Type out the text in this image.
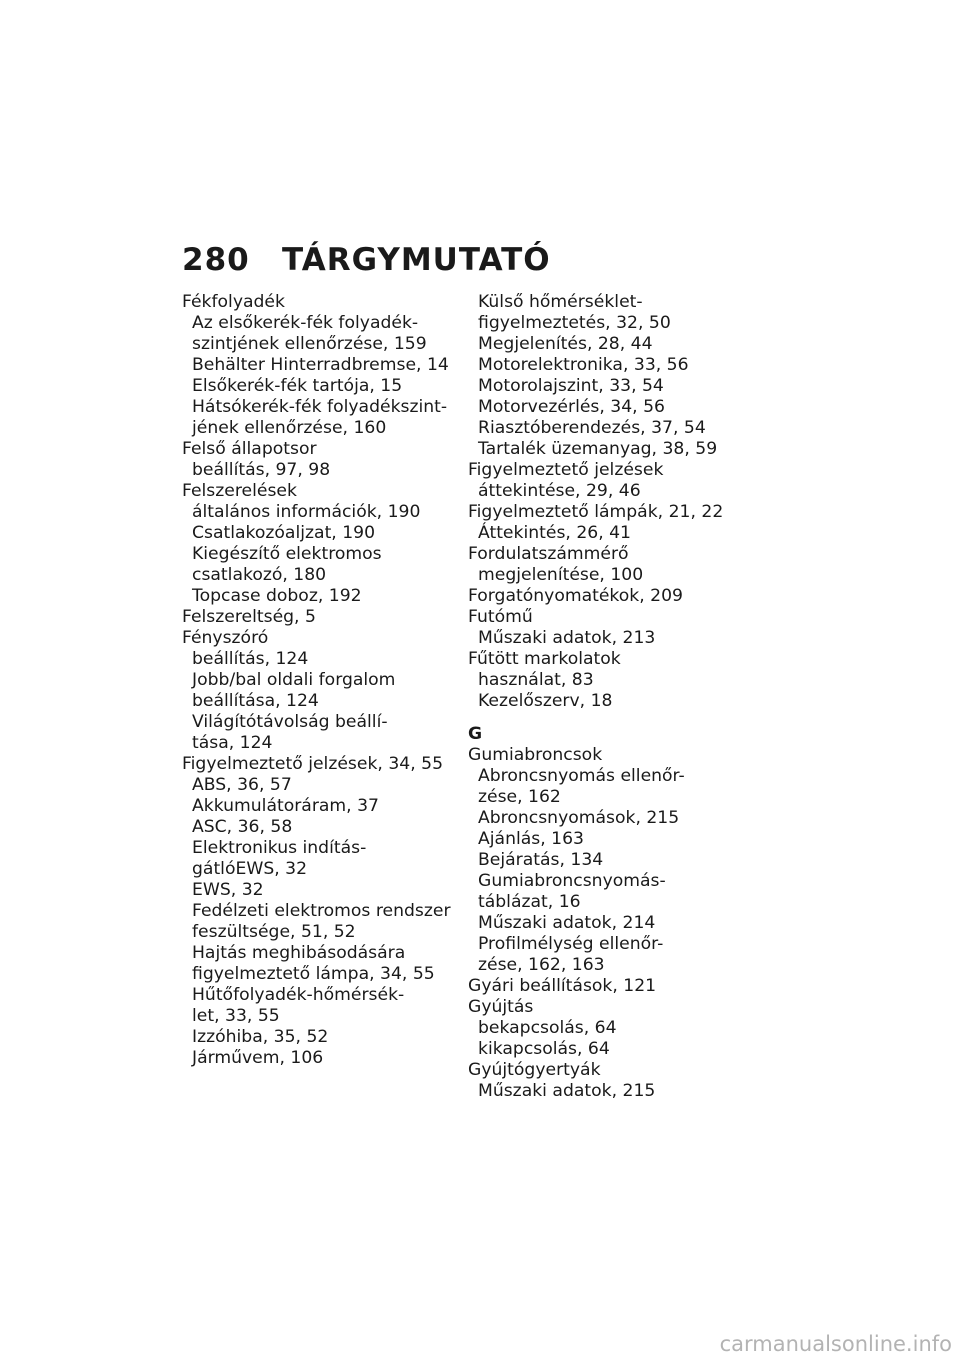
280 TÁRGYMUTATÓ
Fékfolyadék
Az elsőkerék-fék folyadék-
szintjének ellenőrzése, 159
Behälter Hinterradbremse, 14
Elsőkerék-fék tartója, 15
Hátsókerék-fék folyadékszint-
jének ellenőrzése, 160
Felső állapotsor
beállítás, 97, 98
Felszerelések
általános információk, 190
Csatlakozóaljzat, 190
Kiegészítő elektromos
csatlakozó, 180
Topcase doboz, 192
Felszereltség, 5
Fényszóró
beállítás, 124
Jobb/bal oldali forgalom
beállítása, 124
Világítótávolság beállí-
tása, 124
Figyelmeztető jelzések, 34, 55
ABS, 36, 57
Akkumulátoráram, 37
ASC, 36, 58
Elektronikus indítás-
gátlóEWS, 32
EWS, 32
Fedélzeti elektromos rendszer
feszültsége, 51, 52
Hajtás meghibásodására
figyelmeztető lámpa, 34, 55
Hűtőfolyadék-hőmérsék-
let, 33, 55
Izzóhiba, 35, 52
Járművem, 106
Külső hőmérséklet-
figyelmeztetés, 32, 50
Megjelenítés, 28, 44
Motorelektronika, 33, 56
Motorolajszint, 33, 54
Motorvezérlés, 34, 56
Riasztóberendezés, 37, 54
Tartalék üzemanyag, 38, 59
Figyelmeztető jelzések
áttekintése, 29, 46
Figyelmeztető lámpák, 21, 22
Áttekintés, 26, 41
Fordulatszámmérő
megjelenítése, 100
Forgatónyomatékok, 209
Futómű
Műszaki adatok, 213
Fűtött markolatok
használat, 83
Kezelőszerv, 18
G
Gumiabroncsok
Abroncsnyomás ellenőr-
zése, 162
Abroncsnyomások, 215
Ajánlás, 163
Bejáratás, 134
Gumiabroncsnyomás-
táblázat, 16
Műszaki adatok, 214
Profilmélység ellenőr-
zése, 162, 163
Gyári beállítások, 121
Gyújtás
bekapcsolás, 64
kikapcsolás, 64
Gyújtógyertyák
Műszaki adatok, 215
carmanualsonline.info
